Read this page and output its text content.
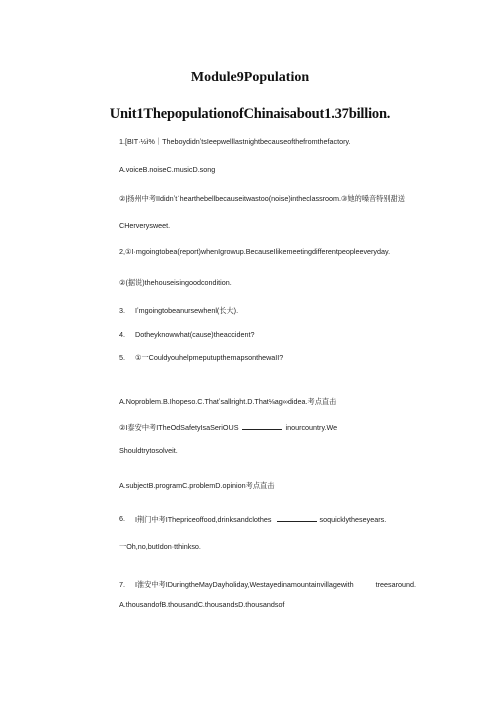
Module9Population
Unit1ThepopulationofChinaisabout1.37billion.
1.[BIT·½ì%｜TheboydidnʼtsIeepwelllastnightbecauseofthefromthefactory.
A.voiceB.noiseC.musicD.song
②|扬州中考IIdidnʼtˈhearthebellbecauseitwastoo(noise)intheclassroom.③她的嗓音特别甜送
CHerverysweet.
2,①I·mgoingtobea(report)whenIgrowup.BecauseIlikemeetingdifferentpeopleeveryday.
②(据说)thehouseisingoodcondition.
3. Iʼmgoingtobeanursewhenl(长大).
4. Dotheyknowwhat(cause)theaccident?
5. ①一CouldyouhelpmeputupthemapsonthewaII?
A.Noproblem.B.Ihopeso.C.Thatʼsallright.D.That⅛ag∞didea.考点直击
②I泰安中考ITheOdSafetyIsaSeriOUS	inourcountry.We
Shouldtrytosolveit.
A.subjectB.programC.problemD.opinion考点直击
6. I荆门中考IThepriceoffood,drinksandclothes	soquicklytheseyears.
一Oh,no,butIdon·tthinkso.
7. I淮安中考IDuringtheMayDayholiday,Westayedinamountainvillagewith	treesaround.
A.thousandofB.thousandC.thousandsD.thousandsof
